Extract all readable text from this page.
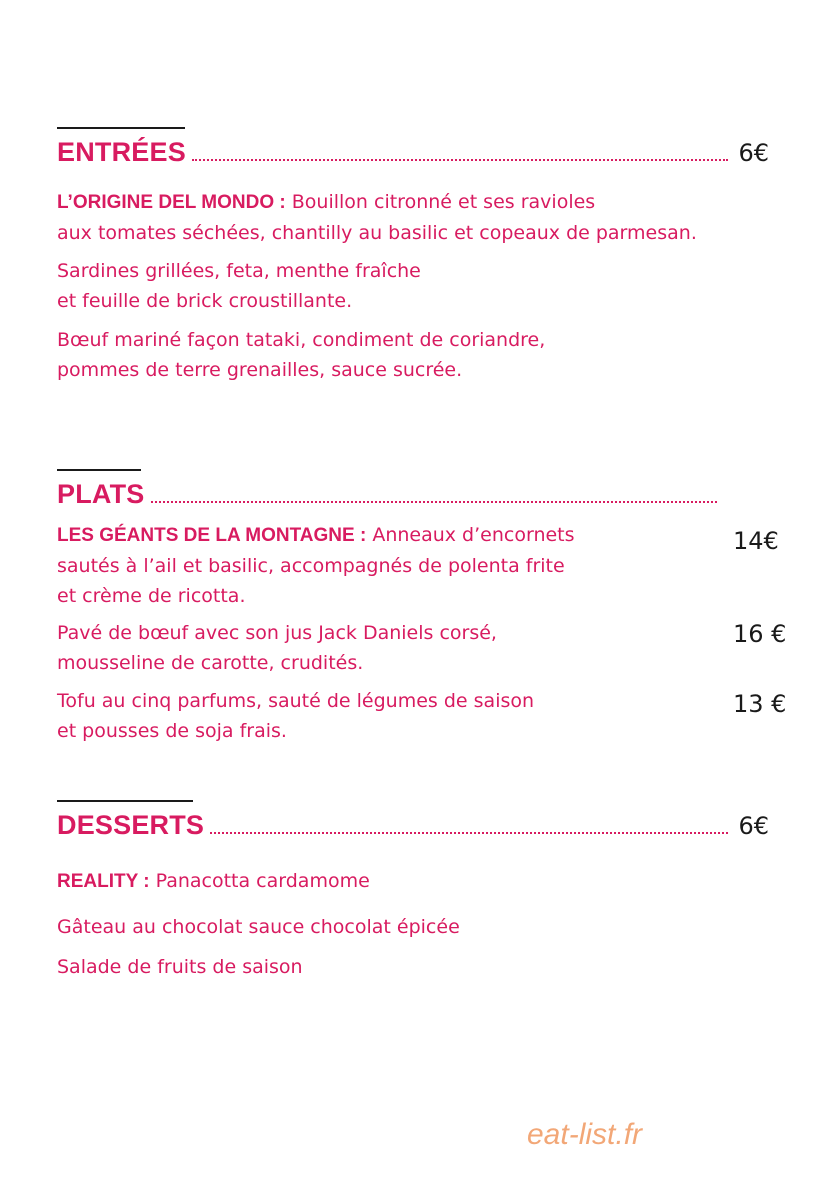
ENTRÉES	6€
L’ORIGINE DEL MONDO : Bouillon citronné et ses ravioles
aux tomates séchées, chantilly au basilic et copeaux de parmesan.
Sardines grillées, feta, menthe fraîche
et feuille de brick croustillante.
Bœuf mariné façon tataki, condiment de coriandre,
pommes de terre grenailles, sauce sucrée.
PLATS
LES GÉANTS DE LA MONTAGNE : Anneaux d’encornets
sautés à l’ail et basilic, accompagnés de polenta frite
et crème de ricotta.
14€
Pavé de bœuf avec son jus Jack Daniels corsé,
mousseline de carotte, crudités.
16 €
Tofu au cinq parfums, sauté de légumes de saison
et pousses de soja frais.
13 €
DESSERTS	6€
REALITY : Panacotta cardamome
Gâteau au chocolat sauce chocolat épicée
Salade de fruits de saison
eat-list.fr
